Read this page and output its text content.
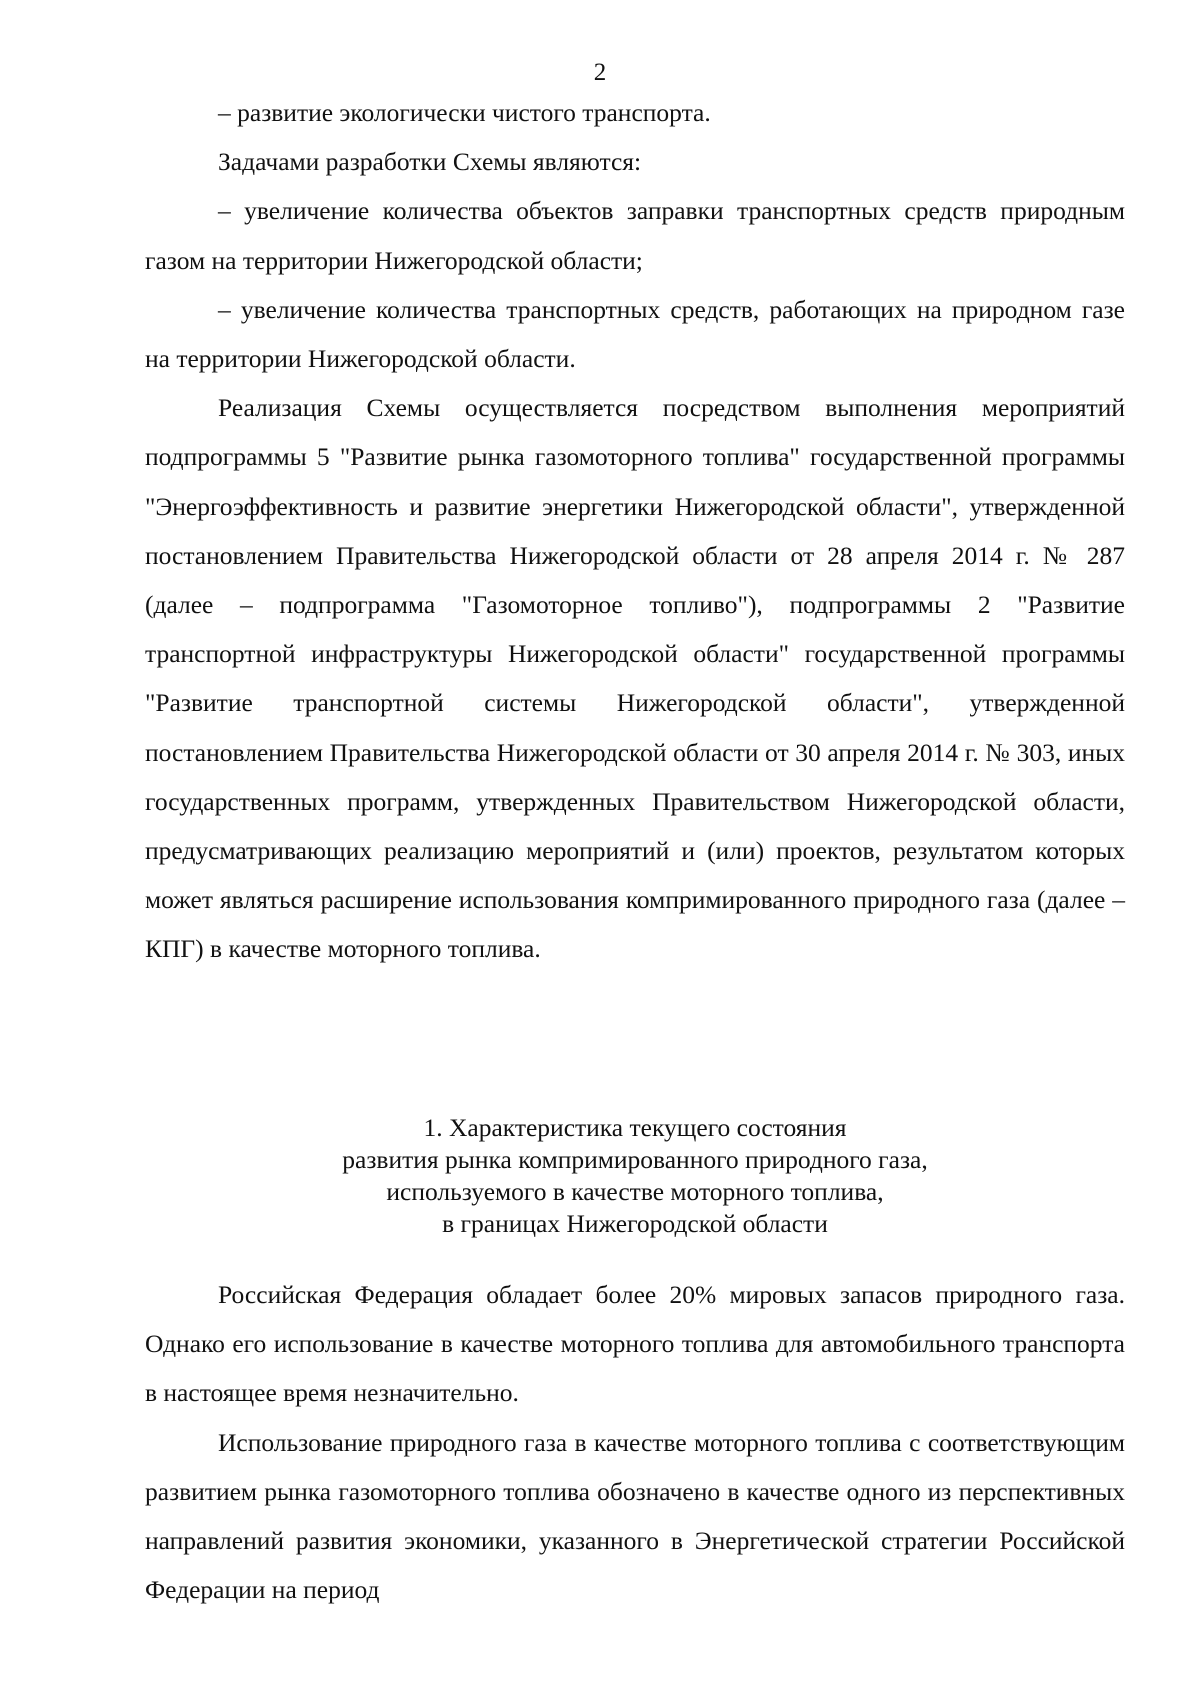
2

– развитие экологически чистого транспорта.

Задачами разработки Схемы являются:

– увеличение количества объектов заправки транспортных средств природным газом на территории Нижегородской области;

– увеличение количества транспортных средств, работающих на природном газе на территории Нижегородской области.

Реализация Схемы осуществляется посредством выполнения мероприятий подпрограммы 5 "Развитие рынка газомоторного топлива" государственной программы "Энергоэффективность и развитие энергетики Нижегородской области", утвержденной постановлением Правительства Нижегородской области от 28 апреля 2014 г. № 287 (далее – подпрограмма "Газомоторное топливо"), подпрограммы 2 "Развитие транспортной инфраструктуры Нижегородской области" государственной программы "Развитие транспортной системы Нижегородской области", утвержденной постановлением Правительства Нижегородской области от 30 апреля 2014 г. № 303, иных государственных программ, утвержденных Правительством Нижегородской области, предусматривающих реализацию мероприятий и (или) проектов, результатом которых может являться расширение использования компримированного природного газа (далее – КПГ) в качестве моторного топлива.

1. Характеристика текущего состояния
развития рынка компримированного природного газа,
используемого в качестве моторного топлива,
в границах Нижегородской области

Российская Федерация обладает более 20% мировых запасов природного газа. Однако его использование в качестве моторного топлива для автомобильного транспорта в настоящее время незначительно.

Использование природного газа в качестве моторного топлива с соответствующим развитием рынка газомоторного топлива обозначено в качестве одного из перспективных направлений развития экономики, указанного в Энергетической стратегии Российской Федерации на период
